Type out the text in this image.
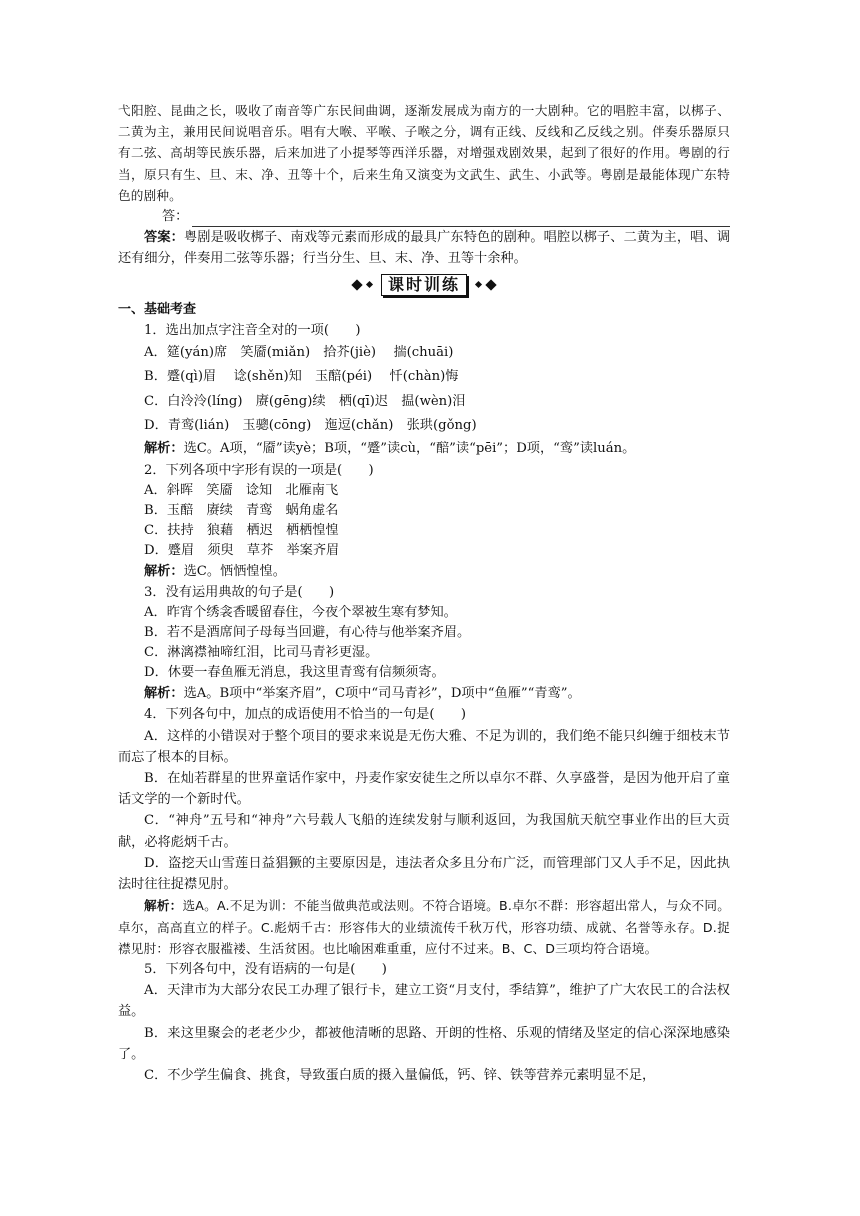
弋阳腔、昆曲之长，吸收了南音等广东民间曲调，逐渐发展成为南方的一大剧种。它的唱腔丰富，以梆子、二黄为主，兼用民间说唱音乐。唱有大喉、平喉、子喉之分，调有正线、反线和乙反线之别。伴奏乐器原只有二弦、高胡等民族乐器，后来加进了小提琴等西洋乐器，对增强戏剧效果，起到了很好的作用。粤剧的行当，原只有生、旦、末、净、丑等十个，后来生角又演变为文武生、武生、小武等。粤剧是最能体现广东特色的剧种。

答：

答案：粤剧是吸收梆子、南戏等元素而形成的最具广东特色的剧种。唱腔以梆子、二黄为主，唱、调还有细分，伴奏用二弦等乐器；行当分生、旦、末、净、丑等十余种。

课时训练

一、基础考查

1．选出加点字注音全对的一项(　　)

A．筵(yán)席　笑靥(miǎn)　拾芥(jiè)　 揣(chuāi)

B．蹙(qì)眉　 谂(shěn)知　玉醅(péi)　 忏(chàn)悔

C．白泠泠(líng)　赓(gēng)续　栖(qī)迟　揾(wèn)泪

D．青鸾(lián)　玉骢(cōng)　迤逗(chǎn)　张珙(gǒng)

解析：选C。A项，“靥”读yè；B项，“蹙”读cù，“醅”读“pēi”；D项，“鸾”读luán。

2．下列各项中字形有误的一项是(　　)

A．斜晖　笑靥　谂知　北雁南飞

B．玉醅　赓续　青鸾　蜗角虚名

C．扶持　狼藉　栖迟　栖栖惶惶

D．蹙眉　须臾　草芥　举案齐眉

解析：选C。恓恓惶惶。

3．没有运用典故的句子是(　　)

A．昨宵个绣衾香暖留春住，今夜个翠被生寒有梦知。

B．若不是酒席间子母每当回避，有心待与他举案齐眉。

C．淋漓襟袖啼红泪，比司马青衫更湿。

D．休要一春鱼雁无消息，我这里青鸾有信频须寄。

解析：选A。B项中“举案齐眉”，C项中“司马青衫”，D项中“鱼雁”“青鸾”。

4．下列各句中，加点的成语使用不恰当的一句是(　　)

A．这样的小错误对于整个项目的要求来说是无伤大雅、不足为训的，我们绝不能只纠缠于细枝末节而忘了根本的目标。

B．在灿若群星的世界童话作家中，丹麦作家安徒生之所以卓尔不群、久享盛誉，是因为他开启了童话文学的一个新时代。

C．“神舟”五号和“神舟”六号载人飞船的连续发射与顺利返回，为我国航天航空事业作出的巨大贡献，必将彪炳千古。

D．盗挖天山雪莲日益猖獗的主要原因是，违法者众多且分布广泛，而管理部门又人手不足，因此执法时往往捉襟见肘。

解析：选A。A.不足为训：不能当做典范或法则。不符合语境。B.卓尔不群：形容超出常人，与众不同。卓尔，高高直立的样子。C.彪炳千古：形容伟大的业绩流传千秋万代，形容功绩、成就、名誉等永存。D.捉襟见肘：形容衣服褴褛、生活贫困。也比喻困难重重，应付不过来。B、C、D三项均符合语境。

5．下列各句中，没有语病的一句是(　　)

A．天津市为大部分农民工办理了银行卡，建立工资“月支付，季结算”，维护了广大农民工的合法权益。

B．来这里聚会的老老少少，都被他清晰的思路、开朗的性格、乐观的情绪及坚定的信心深深地感染了。

C．不少学生偏食、挑食，导致蛋白质的摄入量偏低，钙、锌、铁等营养元素明显不足，
